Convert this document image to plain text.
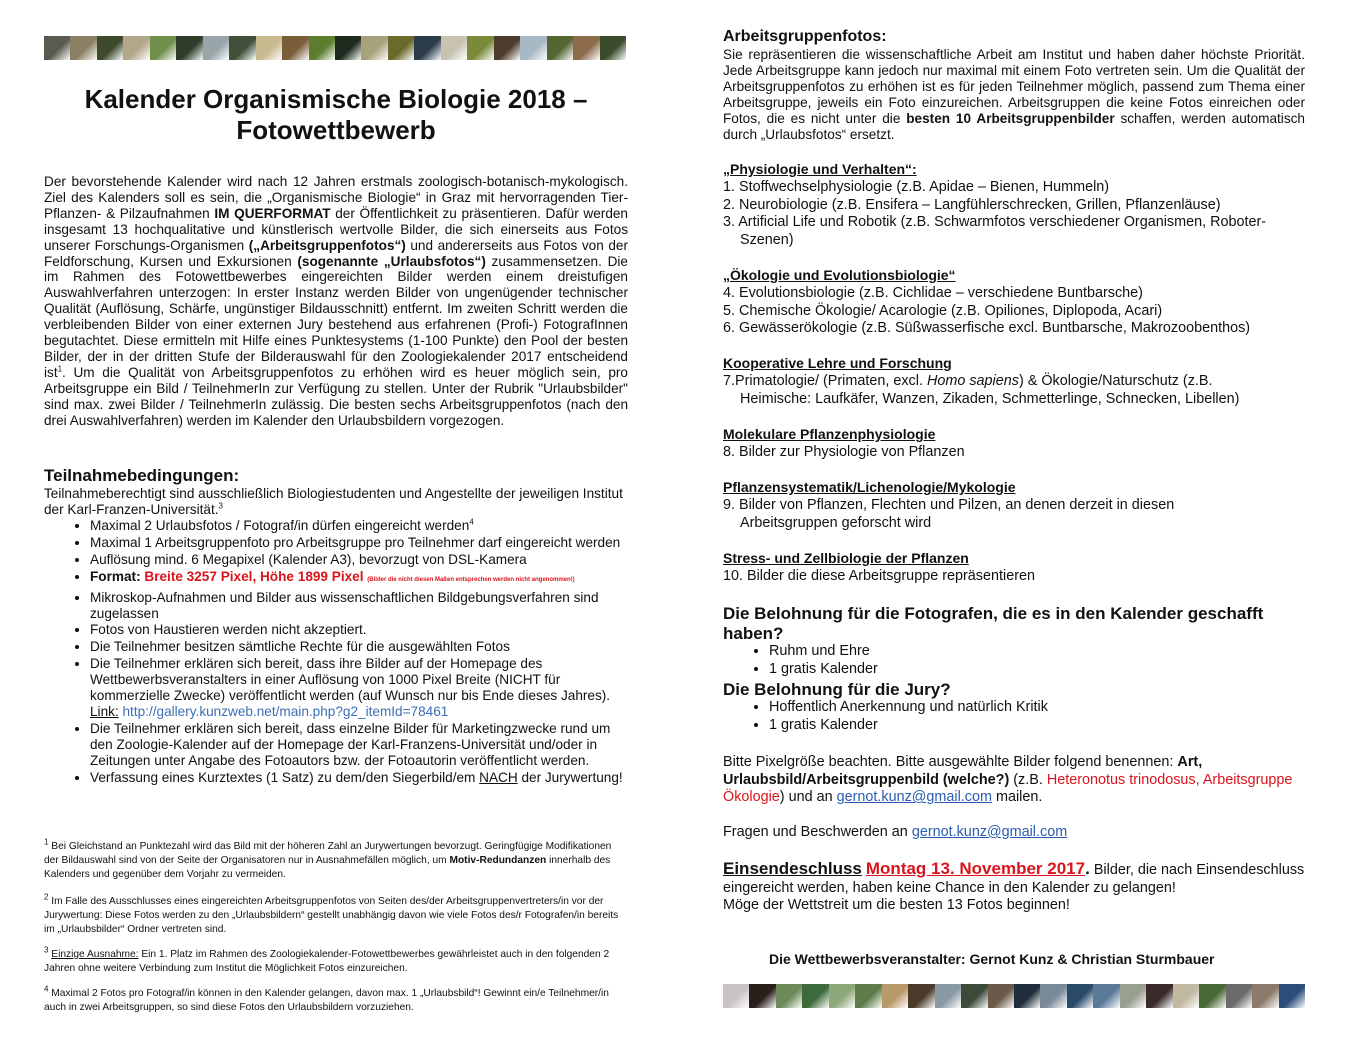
Kalender Organismische Biologie 2018 –
Fotowettbewerb

Der bevorstehende Kalender wird nach 12 Jahren erstmals zoologisch-botanisch-mykologisch. Ziel des Kalenders soll es sein, die „Organismische Biologie“ in Graz mit hervorragenden Tier- Pflanzen- & Pilzaufnahmen IM QUERFORMAT der Öffentlichkeit zu präsentieren. Dafür werden insgesamt 13 hochqualitative und künstlerisch wertvolle Bilder, die sich einerseits aus Fotos unserer Forschungs-Organismen („Arbeitsgruppenfotos“) und andererseits aus Fotos von der Feldforschung, Kursen und Exkursionen (sogenannte „Urlaubsfotos“) zusammensetzen. Die im Rahmen des Fotowettbewerbes eingereichten Bilder werden einem dreistufigen Auswahlverfahren unterzogen: In erster Instanz werden Bilder von ungenügender technischer Qualität (Auflösung, Schärfe, ungünstiger Bildausschnitt) entfernt. Im zweiten Schritt werden die verbleibenden Bilder von einer externen Jury bestehend aus erfahrenen (Profi-) FotografInnen begutachtet. Diese ermitteln mit Hilfe eines Punktesystems (1-100 Punkte) den Pool der besten Bilder, der in der dritten Stufe der Bilderauswahl für den Zoologiekalender 2017 entscheidend ist$^1$. Um die Qualität von Arbeitsgruppenfotos zu erhöhen wird es heuer möglich sein, pro Arbeitsgruppe ein Bild / TeilnehmerIn zur Verfügung zu stellen. Unter der Rubrik "Urlaubsbilder" sind max. zwei Bilder / TeilnehmerIn zulässig. Die besten sechs Arbeitsgruppenfotos (nach den drei Auswahlverfahren) werden im Kalender den Urlaubsbildern vorgezogen.

Teilnahmebedingungen:

Teilnahmeberechtigt sind ausschließlich Biologiestudenten und Angestellte der jeweiligen Institut der Karl-Franzen-Universität.$^3$

• Maximal 2 Urlaubsfotos / Fotograf/in dürfen eingereicht werden$^4$
• Maximal 1 Arbeitsgruppenfoto pro Arbeitsgruppe pro Teilnehmer darf eingereicht werden
• Auflösung mind. 6 Megapixel (Kalender A3), bevorzugt von DSL-Kamera
• Format: Breite 3257 Pixel, Höhe 1899 Pixel (Bilder die nicht diesen Maßen entsprechen werden nicht angenommen!)
• Mikroskop-Aufnahmen und Bilder aus wissenschaftlichen Bildgebungsverfahren sind zugelassen
• Fotos von Haustieren werden nicht akzeptiert.
• Die Teilnehmer besitzen sämtliche Rechte für die ausgewählten Fotos
• Die Teilnehmer erklären sich bereit, dass ihre Bilder auf der Homepage des Wettbewerbsveranstalters in einer Auflösung von 1000 Pixel Breite (NICHT für kommerzielle Zwecke) veröffentlicht werden (auf Wunsch nur bis Ende dieses Jahres).
Link: http://gallery.kunzweb.net/main.php?g2_itemId=78461
• Die Teilnehmer erklären sich bereit, dass einzelne Bilder für Marketingzwecke rund um den Zoologie-Kalender auf der Homepage der Karl-Franzens-Universität und/oder in Zeitungen unter Angabe des Fotoautors bzw. der Fotoautorin veröffentlicht werden.
• Verfassung eines Kurztextes (1 Satz) zu dem/den Siegerbild/em NACH der Jurywertung!

$^1$ Bei Gleichstand an Punktezahl wird das Bild mit der höheren Zahl an Jurywertungen bevorzugt. Geringfügige Modifikationen der Bildauswahl sind von der Seite der Organisatoren nur in Ausnahmefällen möglich, um Motiv-Redundanzen innerhalb des Kalenders und gegenüber dem Vorjahr zu vermeiden.

$^2$ Im Falle des Ausschlusses eines eingereichten Arbeitsgruppenfotos von Seiten des/der Arbeitsgruppenvertreters/in vor der Jurywertung: Diese Fotos werden zu den „Urlaubsbildern“ gestellt unabhängig davon wie viele Fotos des/r Fotografen/in bereits im „Urlaubsbilder“ Ordner vertreten sind.

$^3$ Einzige Ausnahme: Ein 1. Platz im Rahmen des Zoologiekalender-Fotowettbewerbes gewährleistet auch in den folgenden 2 Jahren ohne weitere Verbindung zum Institut die Möglichkeit Fotos einzureichen.

$^4$ Maximal 2 Fotos pro Fotograf/in können in den Kalender gelangen, davon max. 1 „Urlaubsbild“! Gewinnt ein/e Teilnehmer/in auch in zwei Arbeitsgruppen, so sind diese Fotos den Urlaubsbildern vorzuziehen.

Arbeitsgruppenfotos:

Sie repräsentieren die wissenschaftliche Arbeit am Institut und haben daher höchste Priorität. Jede Arbeitsgruppe kann jedoch nur maximal mit einem Foto vertreten sein. Um die Qualität der Arbeitsgruppenfotos zu erhöhen ist es für jeden Teilnehmer möglich, passend zum Thema einer Arbeitsgruppe, jeweils ein Foto einzureichen. Arbeitsgruppen die keine Fotos einreichen oder Fotos, die es nicht unter die besten 10 Arbeitsgruppenbilder schaffen, werden automatisch durch „Urlaubsfotos“ ersetzt.

„Physiologie und Verhalten“:
1. Stoffwechselphysiologie (z.B. Apidae – Bienen, Hummeln)
2. Neurobiologie (z.B. Ensifera – Langfühlerschrecken, Grillen, Pflanzenläuse)
3. Artificial Life und Robotik (z.B. Schwarmfotos verschiedener Organismen, Roboter-
Szenen)
„Ökologie und Evolutionsbiologie“
4. Evolutionsbiologie (z.B. Cichlidae – verschiedene Buntbarsche)
5. Chemische Ökologie/ Acarologie (z.B. Opiliones, Diplopoda, Acari)
6. Gewässerökologie (z.B. Süßwasserfische excl. Buntbarsche, Makrozoobenthos)
Kooperative Lehre und Forschung
7.Primatologie/ (Primaten, excl. Homo sapiens) & Ökologie/Naturschutz (z.B.
Heimische: Laufkäfer, Wanzen, Zikaden, Schmetterlinge, Schnecken, Libellen)
Molekulare Pflanzenphysiologie
8. Bilder zur Physiologie von Pflanzen
Pflanzensystematik/Lichenologie/Mykologie
9. Bilder von Pflanzen, Flechten und Pilzen, an denen derzeit in diesen
Arbeitsgruppen geforscht wird
Stress- und Zellbiologie der Pflanzen
10. Bilder die diese Arbeitsgruppe repräsentieren
Die Belohnung für die Fotografen, die es in den Kalender geschafft haben?
• Ruhm und Ehre
• 1 gratis Kalender
Die Belohnung für die Jury?
• Hoffentlich Anerkennung und natürlich Kritik
• 1 gratis Kalender

Bitte Pixelgröße beachten. Bitte ausgewählte Bilder folgend benennen: Art, Urlaubsbild/Arbeitsgruppenbild (welche?) (z.B. Heteronotus trinodosus, Arbeitsgruppe Ökologie) und an gernot.kunz@gmail.com mailen.

Fragen und Beschwerden an gernot.kunz@gmail.com

Einsendeschluss Montag 13. November 2017. Bilder, die nach Einsendeschluss eingereicht werden, haben keine Chance in den Kalender zu gelangen!
Möge der Wettstreit um die besten 13 Fotos beginnen!

Die Wettbewerbsveranstalter: Gernot Kunz & Christian Sturmbauer
